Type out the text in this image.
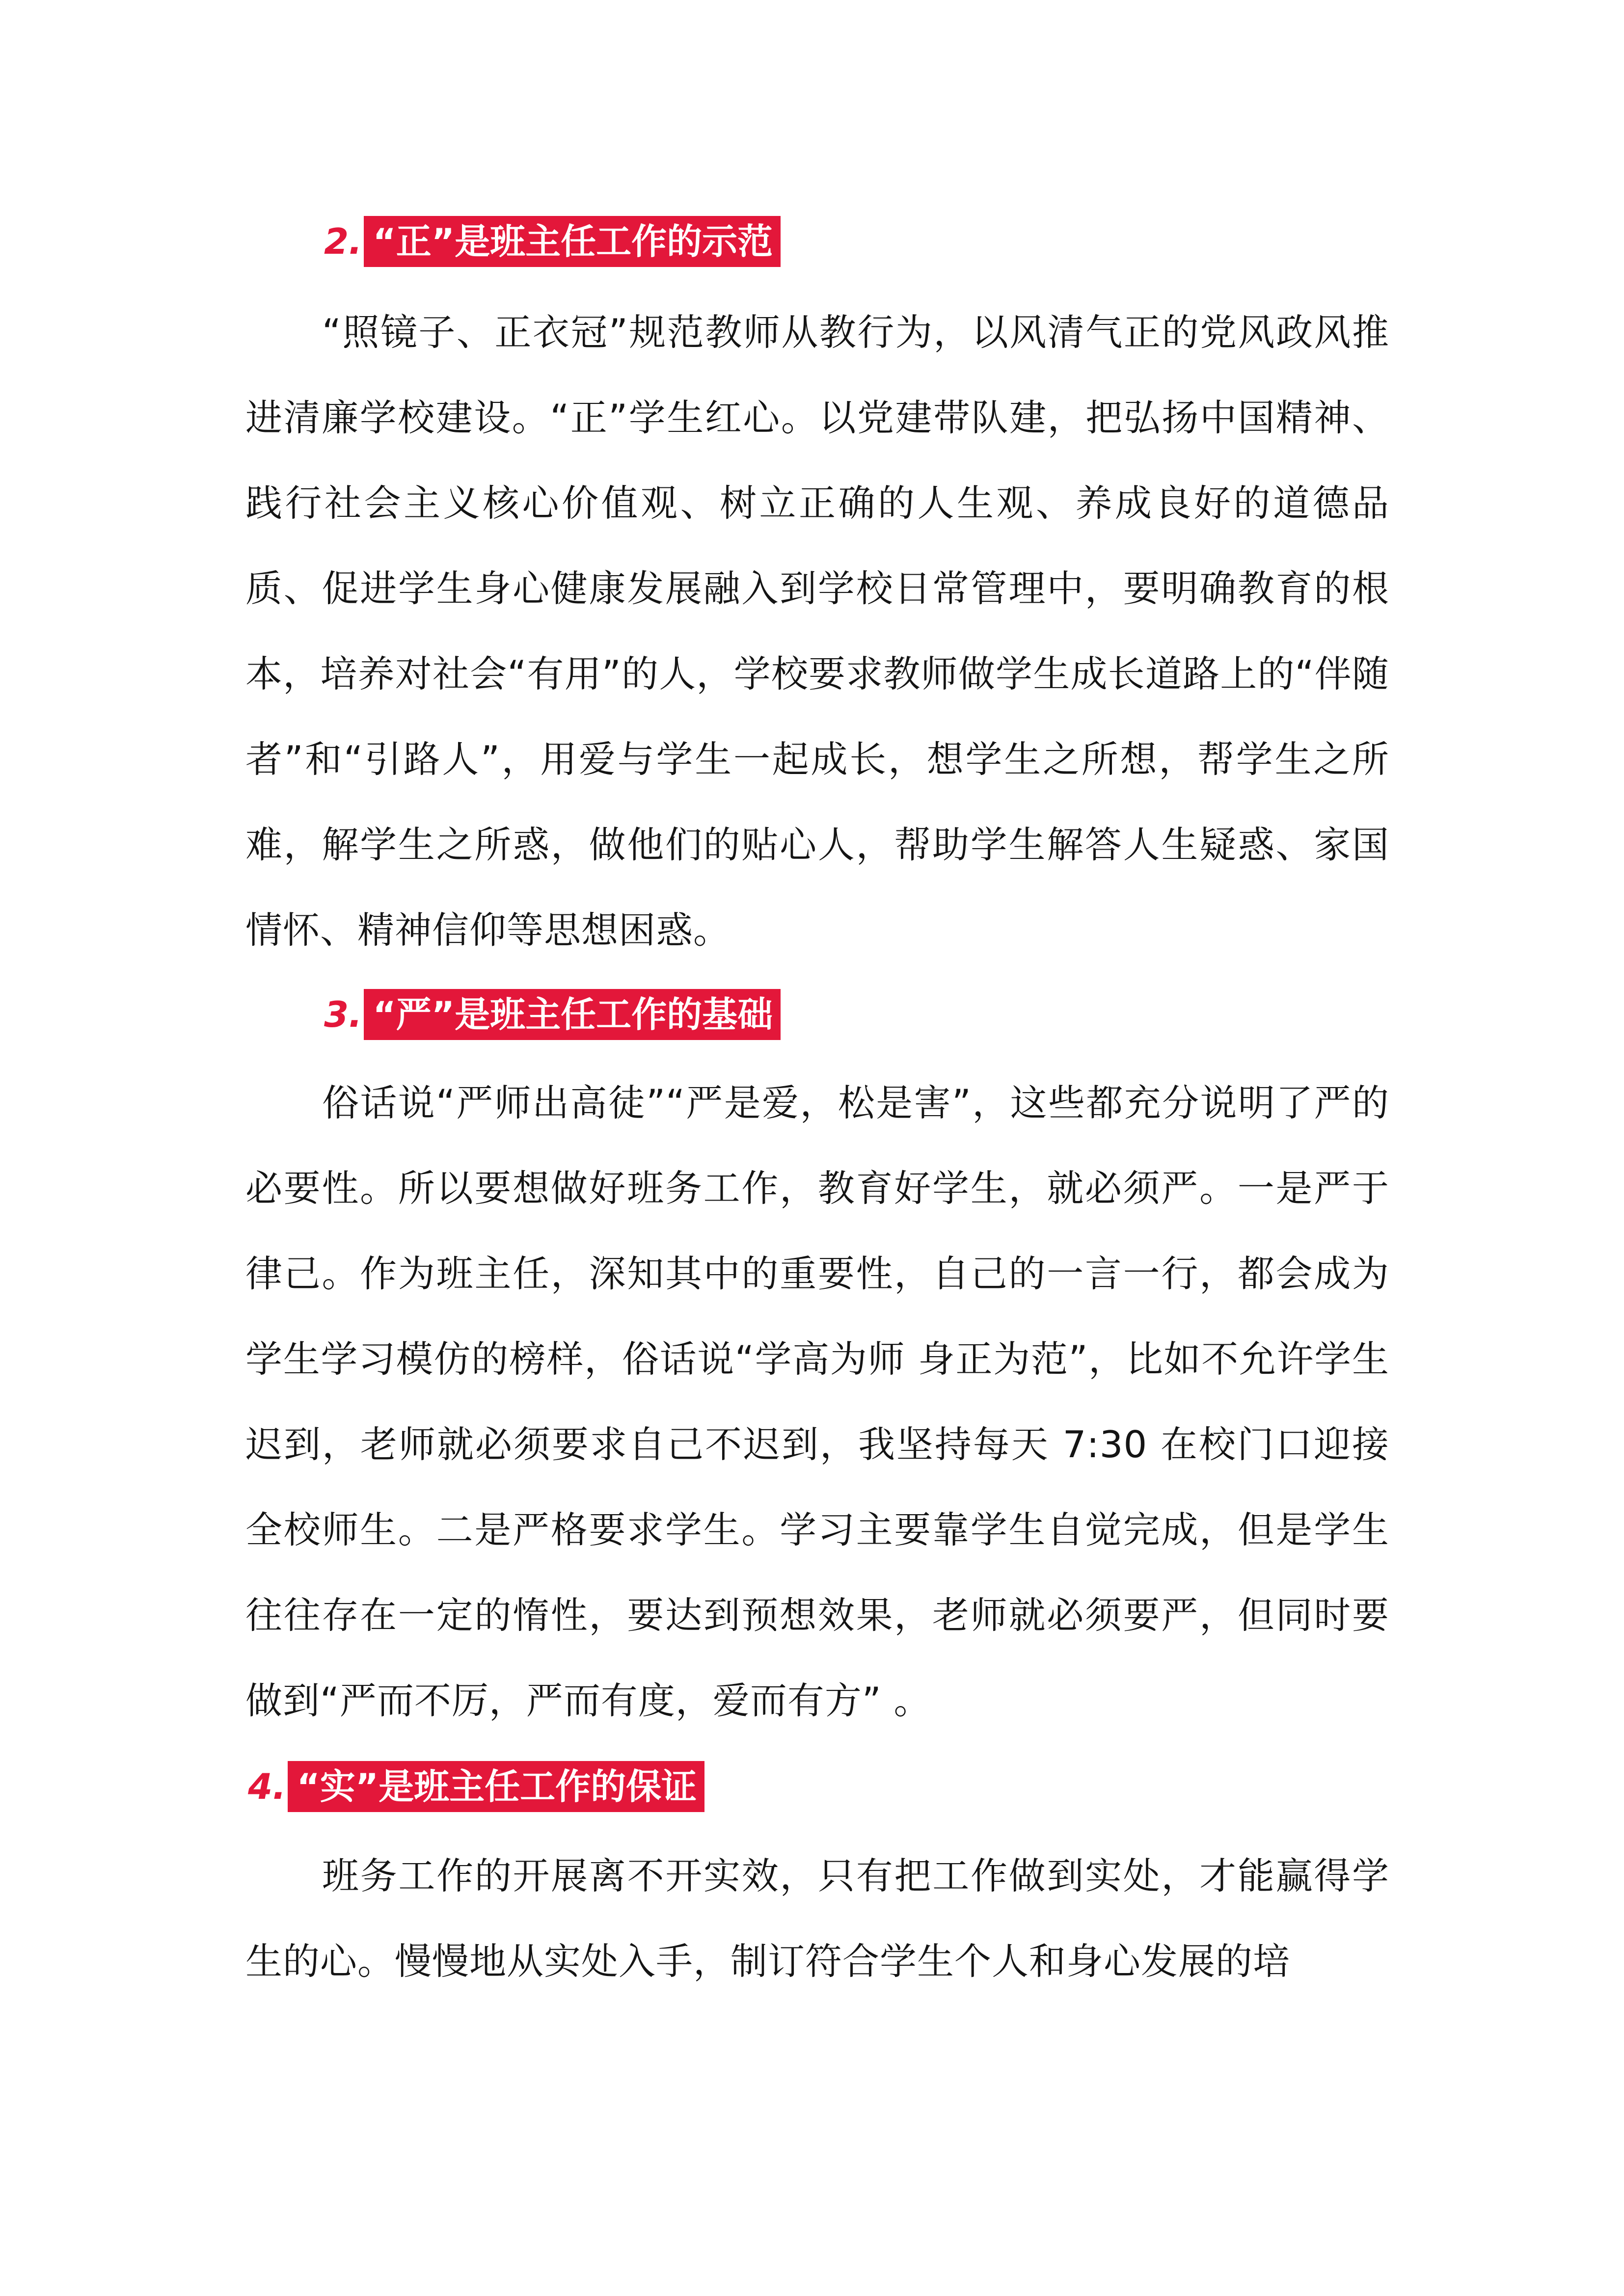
2. “正”是班主任工作的示范

“照镜子、正衣冠”规范教师从教行为，以风清气正的党风政风推进清廉学校建设。“正”学生红心。以党建带队建，把弘扬中国精神、践行社会主义核心价值观、树立正确的人生观、养成良好的道德品质、促进学生身心健康发展融入到学校日常管理中，要明确教育的根本，培养对社会“有用”的人，学校要求教师做学生成长道路上的“伴随者”和“引路人”，用爱与学生一起成长，想学生之所想，帮学生之所难，解学生之所惑，做他们的贴心人，帮助学生解答人生疑惑、家国情怀、精神信仰等思想困惑。

3. “严”是班主任工作的基础

俗话说“严师出高徒”“严是爱，松是害”，这些都充分说明了严的必要性。所以要想做好班务工作，教育好学生，就必须严。一是严于律己。作为班主任，深知其中的重要性，自己的一言一行，都会成为学生学习模仿的榜样，俗话说“学高为师 身正为范”，比如不允许学生迟到，老师就必须要求自己不迟到，我坚持每天 7:30 在校门口迎接全校师生。二是严格要求学生。学习主要靠学生自觉完成，但是学生往往存在一定的惰性，要达到预想效果，老师就必须要严，但同时要做到“严而不厉，严而有度，爱而有方” 。

4. “实”是班主任工作的保证

班务工作的开展离不开实效，只有把工作做到实处，才能赢得学生的心。慢慢地从实处入手，制订符合学生个人和身心发展的培
